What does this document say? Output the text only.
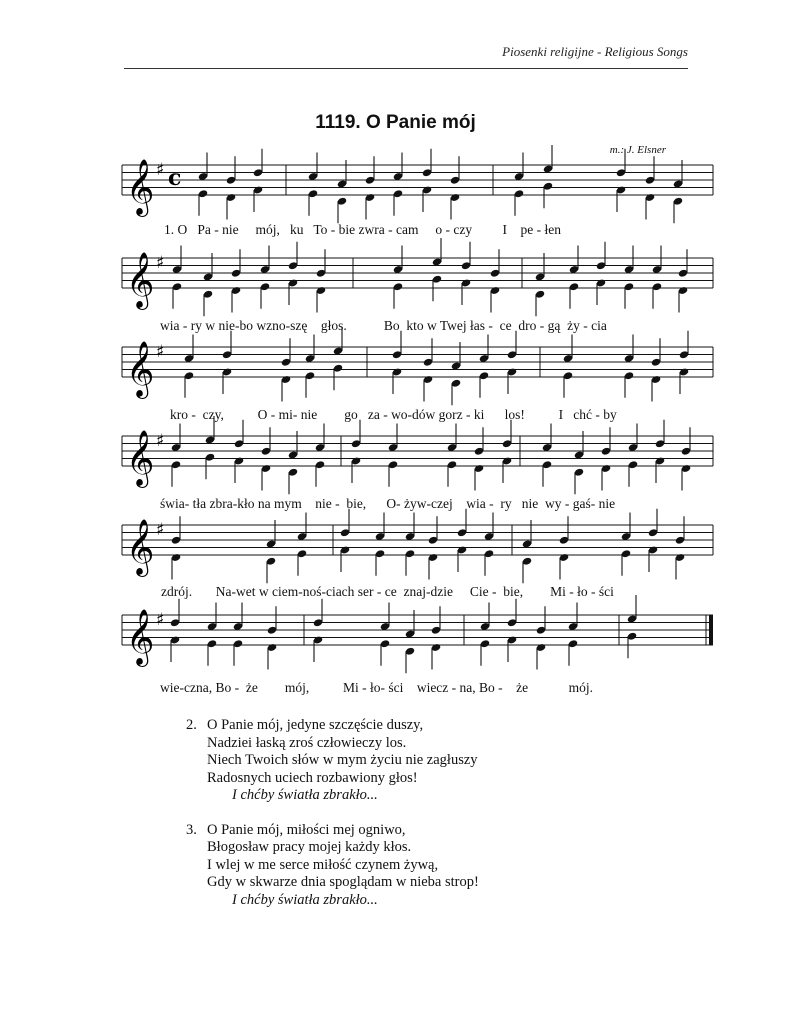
Piosenki religijne - Religious Songs
1119. O Panie mój
m.: J. Elsner
𝄞 ♯ c
𝄞 ♯
𝄞 ♯
𝄞 ♯
𝄞 ♯
𝄞 ♯
1. O   Pa - nie     mój,   ku   To - bie zwra - cam     o - czy         I    pe - łen
wia - ry w nie-bo wzno-szę    głos.           Bo  kto w Twej łas -  ce  dro - gą  ży - cia
kro -  czy,          O - mi- nie        go   za - wo-dów gorz - ki      los!          I   chć - by
świa- tła zbra-kło na mym    nie -  bie,      O- żyw-czej    wia -  ry   nie  wy - gaś- nie
zdrój.       Na-wet w ciem-noś-ciach ser - ce  znaj-dzie     Cie -  bie,        Mi - ło - ści
wie-czna, Bo -  że        mój,          Mi - ło- ści    wiecz - na, Bo -    że            mój.
2. O Panie mój, jedyne szczęście duszy,
Nadziei łaską zroś człowieczy los.
Niech Twoich słów w mym życiu nie zagłuszy
Radosnych uciech rozbawiony głos!
I chćby światła zbrakło...
3. O Panie mój, miłości mej ogniwo,
Błogosław pracy mojej każdy kłos.
I wlej w me serce miłość czynem żywą,
Gdy w skwarze dnia spoglądam w nieba strop!
I chćby światła zbrakło...
